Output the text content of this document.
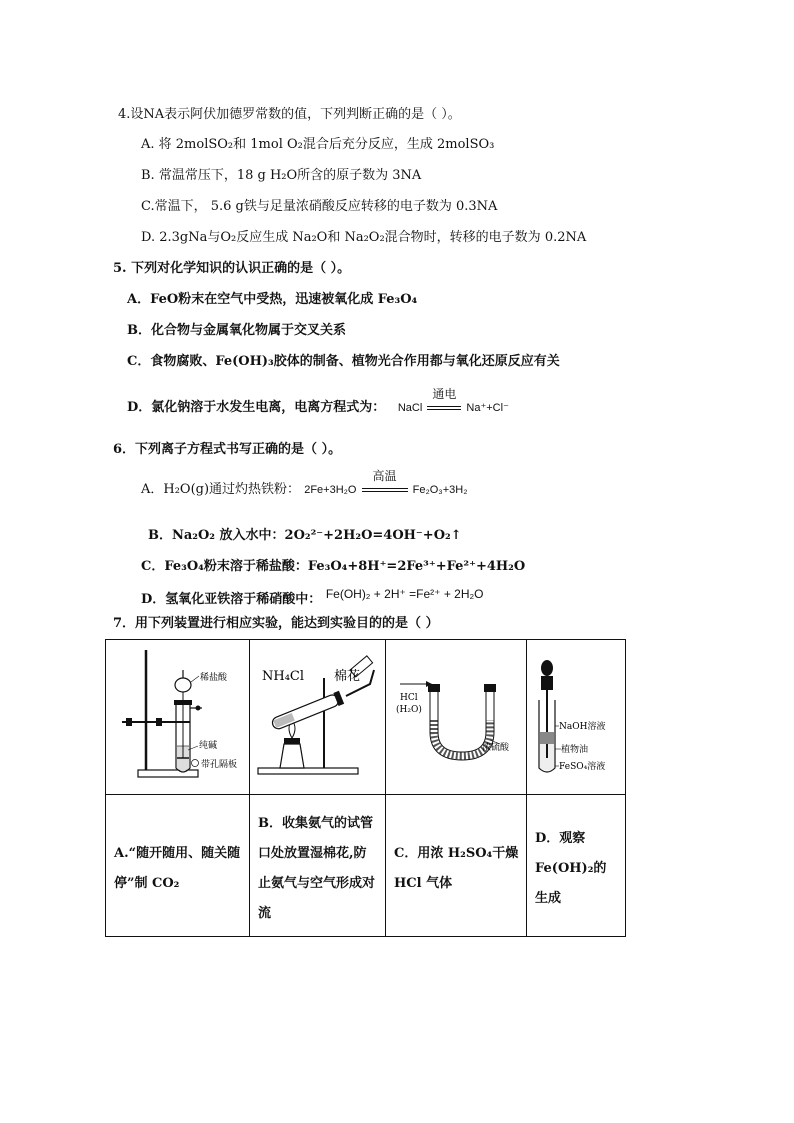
4.设NA表示阿伏加德罗常数的值，下列判断正确的是（ ）。
A. 将 2molSO₂和 1mol O₂混合后充分反应，生成 2molSO₃
B. 常温常压下，18 g H₂O所含的原子数为 3NA
C.常温下， 5.6 g铁与足量浓硝酸反应转移的电子数为 0.3NA
D. 2.3gNa与O₂反应生成 Na₂O和 Na₂O₂混合物时，转移的电子数为 0.2NA
5. 下列对化学知识的认识正确的是（ ）。
A．FeO粉末在空气中受热，迅速被氧化成 Fe₃O₄
B．化合物与金属氧化物属于交叉关系
C．食物腐败、Fe(OH)₃胶体的制备、植物光合作用都与氧化还原反应有关
D．氯化钠溶于水发生电离，电离方程式为： NaCl
通电
Na⁺+Cl⁻
6．下列离子方程式书写正确的是（ ）。
A．H₂O(g)通过灼热铁粉： 2Fe+3H₂O
高温
Fe₂O₃+3H₂
B．Na₂O₂ 放入水中：2O₂²⁻+2H₂O=4OH⁻+O₂↑
C．Fe₃O₄粉末溶于稀盐酸：Fe₃O₄+8H⁺=2Fe³⁺+Fe²⁺+4H₂O
D．氢氧化亚铁溶于稀硝酸中： Fe(OH)₂ + 2H⁺ =Fe²⁺ + 2H₂O
7．用下列装置进行相应实验，能达到实验目的的是（ ）
稀盐酸
纯碱
带孔隔板	NH₄Cl 棉花	HCl
(H₂O)
浓硫酸	NaOH溶液
植物油
FeSO₄溶液

A.“随开随用、随关随停”制 CO₂	B．收集氨气的试管口处放置湿棉花,防止氨气与空气形成对流	C．用浓 H₂SO₄干燥 HCl 气体	D．观察 Fe(OH)₂的生成
